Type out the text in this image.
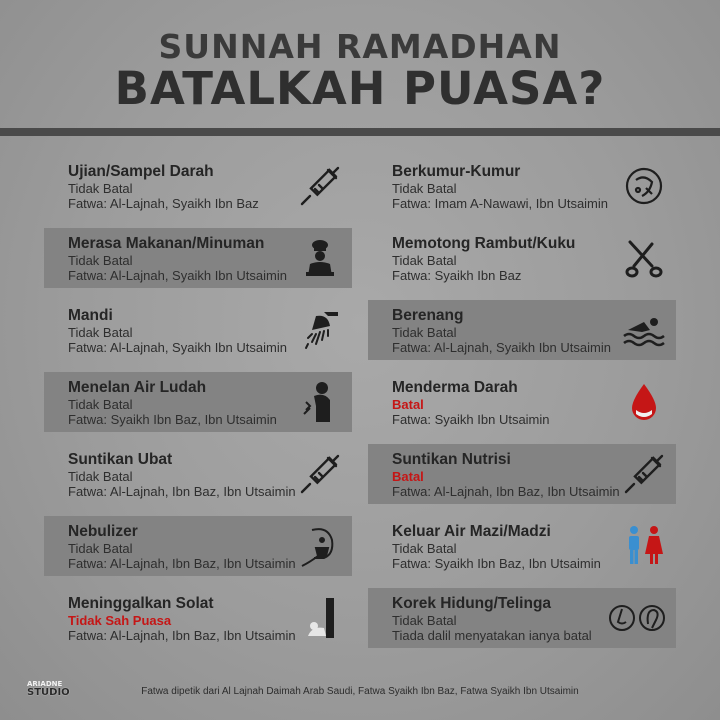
SUNNAH RAMADHAN
BATALKAH PUASA?
Ujian/Sampel Darah
Tidak Batal
Fatwa: Al-Lajnah, Syaikh Ibn Baz
Merasa Makanan/Minuman
Tidak Batal
Fatwa: Al-Lajnah, Syaikh Ibn Utsaimin
Mandi
Tidak Batal
Fatwa: Al-Lajnah, Syaikh Ibn Utsaimin
Menelan Air Ludah
Tidak Batal
Fatwa: Syaikh Ibn Baz, Ibn Utsaimin
Suntikan Ubat
Tidak Batal
Fatwa: Al-Lajnah, Ibn Baz, Ibn Utsaimin
Nebulizer
Tidak Batal
Fatwa: Al-Lajnah, Ibn Baz, Ibn Utsaimin
Meninggalkan Solat
Tidak Sah Puasa
Fatwa: Al-Lajnah, Ibn Baz, Ibn Utsaimin
Berkumur-Kumur
Tidak Batal
Fatwa: Imam A-Nawawi, Ibn Utsaimin
Memotong Rambut/Kuku
Tidak Batal
Fatwa: Syaikh Ibn Baz
Berenang
Tidak Batal
Fatwa: Al-Lajnah, Syaikh Ibn Utsaimin
Menderma Darah
Batal
Fatwa: Syaikh Ibn Utsaimin
Suntikan Nutrisi
Batal
Fatwa: Al-Lajnah, Ibn Baz, Ibn Utsaimin
Keluar Air Mazi/Madzi
Tidak Batal
Fatwa: Syaikh Ibn Baz, Ibn Utsaimin
Korek Hidung/Telinga
Tidak Batal
Tiada dalil menyatakan ianya batal
ARIADNE
STUDIO	Fatwa dipetik dari Al Lajnah Daimah Arab Saudi, Fatwa Syaikh Ibn Baz, Fatwa Syaikh Ibn Utsaimin
